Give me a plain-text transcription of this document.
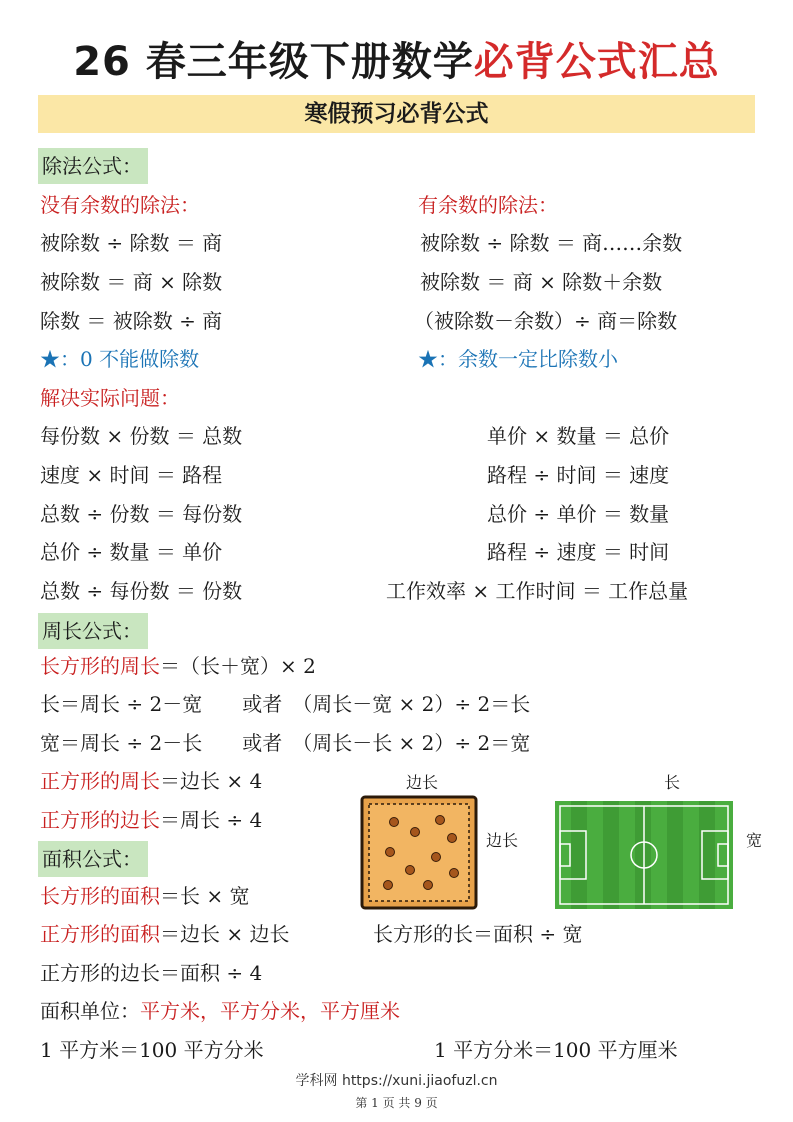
26 春三年级下册数学必背公式汇总
寒假预习必背公式
除法公式：
没有余数的除法：
被除数 ÷ 除数 ＝ 商
被除数 ＝ 商 × 除数
除数 ＝ 被除数 ÷ 商
★：0 不能做除数
有余数的除法：
被除数 ÷ 除数 ＝ 商……余数
被除数 ＝ 商 × 除数＋余数
（被除数－余数）÷ 商＝除数
★：余数一定比除数小
解决实际问题：
每份数 × 份数 ＝ 总数
速度 × 时间 ＝ 路程
总数 ÷ 份数 ＝ 每份数
总价 ÷ 数量 ＝ 单价
总数 ÷ 每份数 ＝ 份数
单价 × 数量 ＝ 总价
路程 ÷ 时间 ＝ 速度
总价 ÷ 单价 ＝ 数量
路程 ÷ 速度 ＝ 时间
工作效率 × 工作时间 ＝ 工作总量
周长公式：
长方形的周长＝（长＋宽）× 2
长＝周长 ÷ 2－宽　　或者　（周长－宽 × 2）÷ 2＝长
宽＝周长 ÷ 2－长　　或者　（周长－长 × 2）÷ 2＝宽
正方形的周长＝边长 × 4
正方形的边长＝周长 ÷ 4
边长
边长
长
宽
面积公式：
长方形的面积＝长 × 宽
正方形的面积＝边长 × 边长	长方形的长＝面积 ÷ 宽
正方形的边长＝面积 ÷ 4
面积单位：平方米，平方分米，平方厘米
1 平方米＝100 平方分米	1 平方分米＝100 平方厘米
学科网 https://xuni.jiaofuzl.cn
第 1 页 共 9 页
